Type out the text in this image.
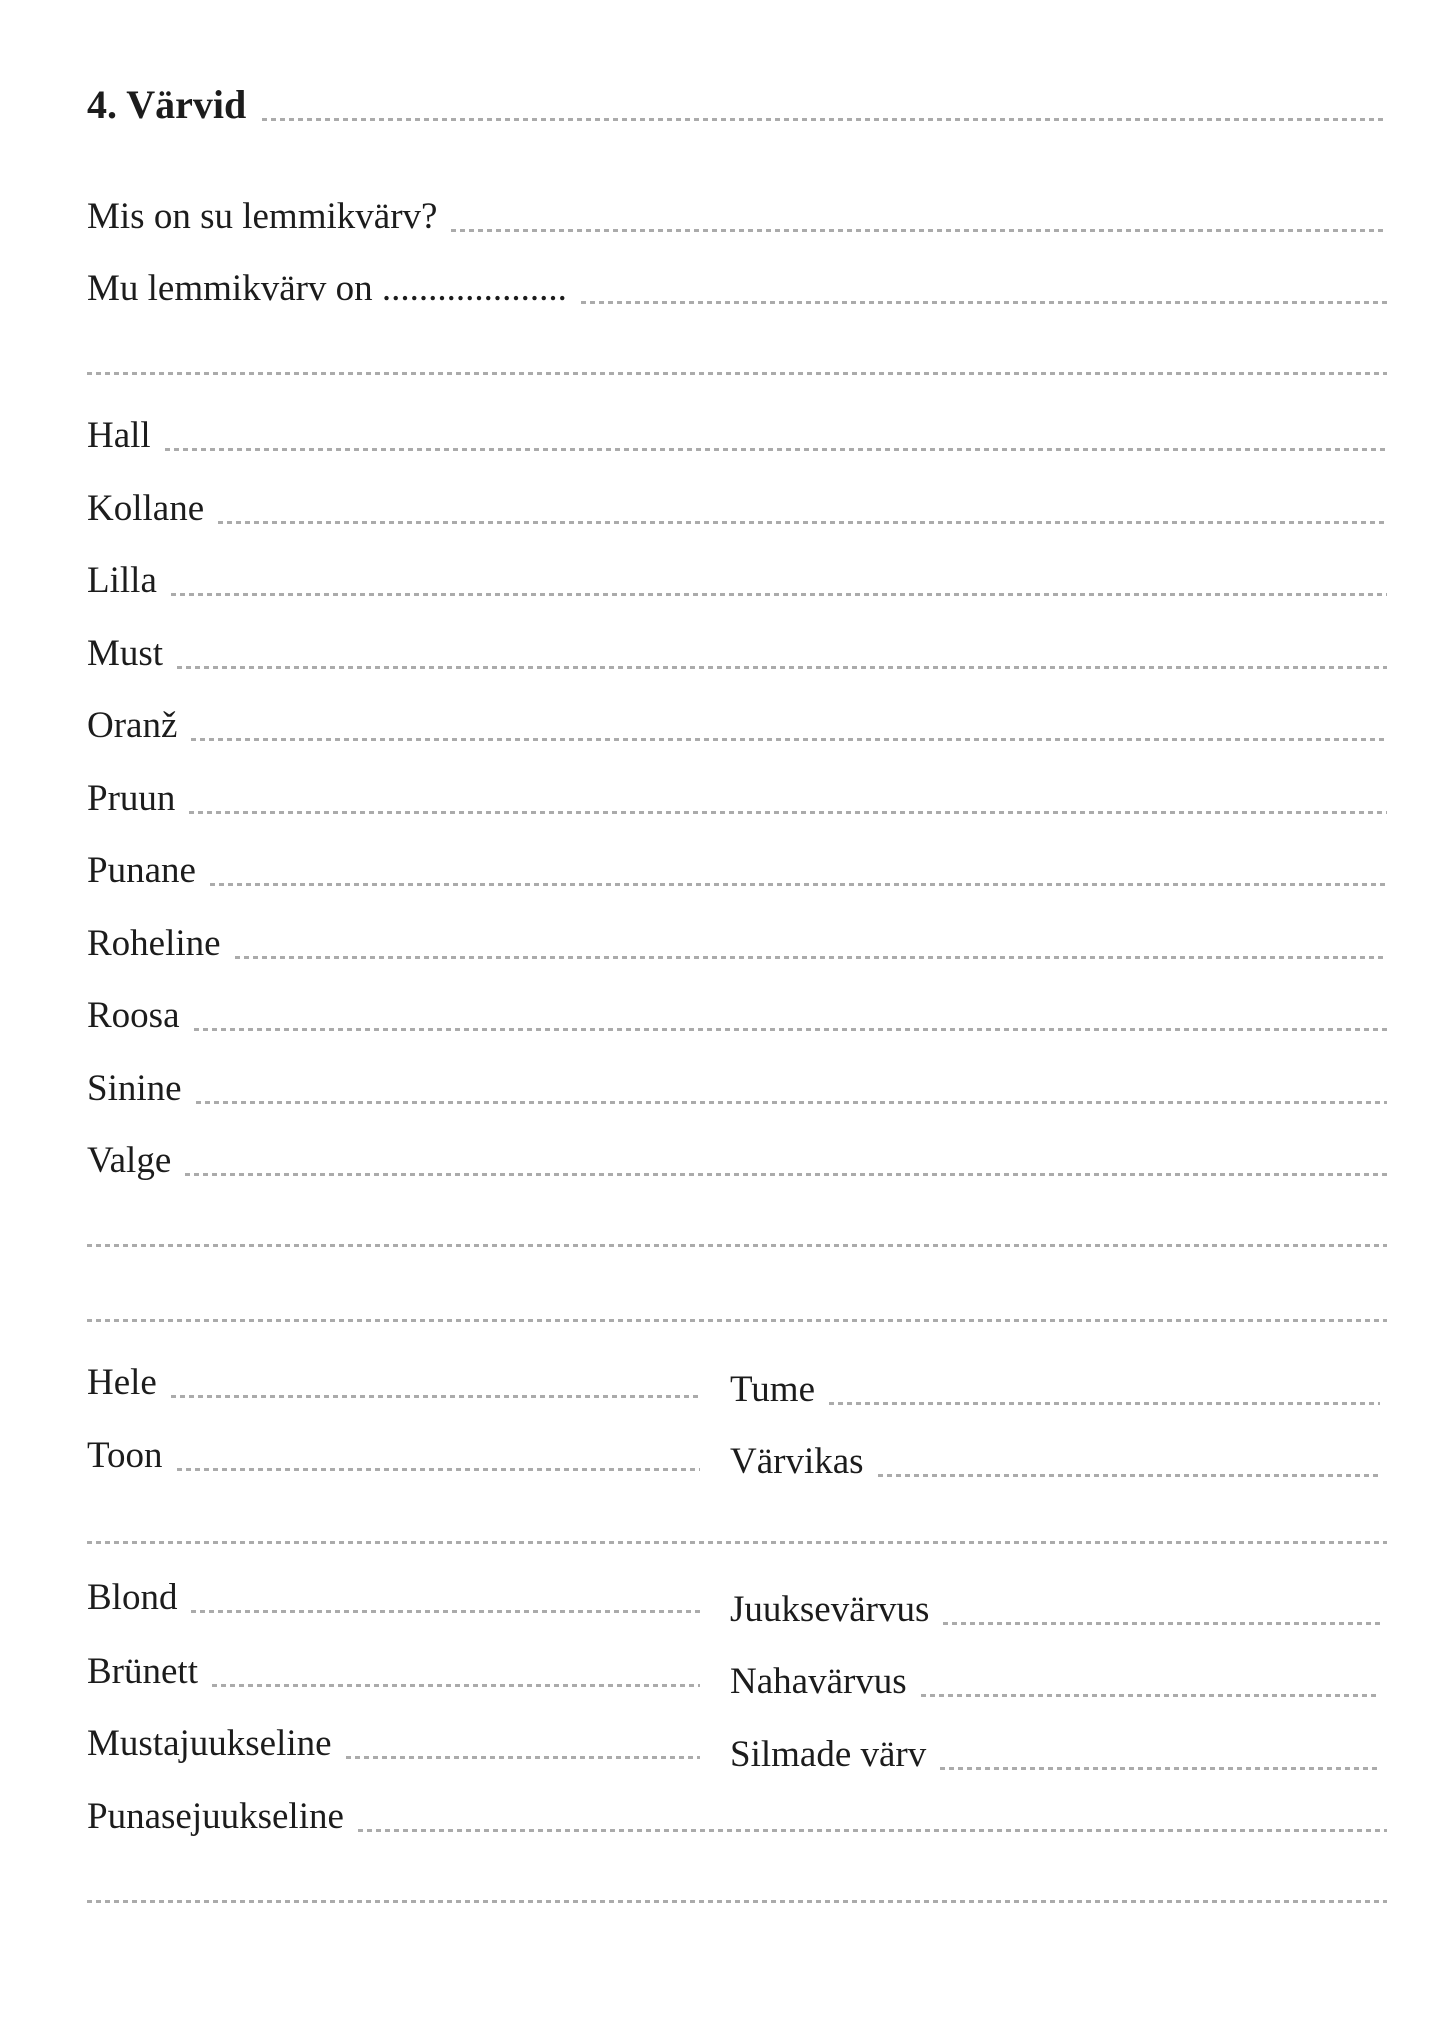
4. Värvid
Mis on su lemmikvärv?
Mu lemmikvärv on ....................
Hall
Kollane
Lilla
Must
Oranž
Pruun
Punane
Roheline
Roosa
Sinine
Valge
Hele
Toon
Tume
Värvikas
Blond
Brünett
Mustajuukseline
Punasejuukseline
Juuksevärvus
Nahavärvus
Silmade värv
